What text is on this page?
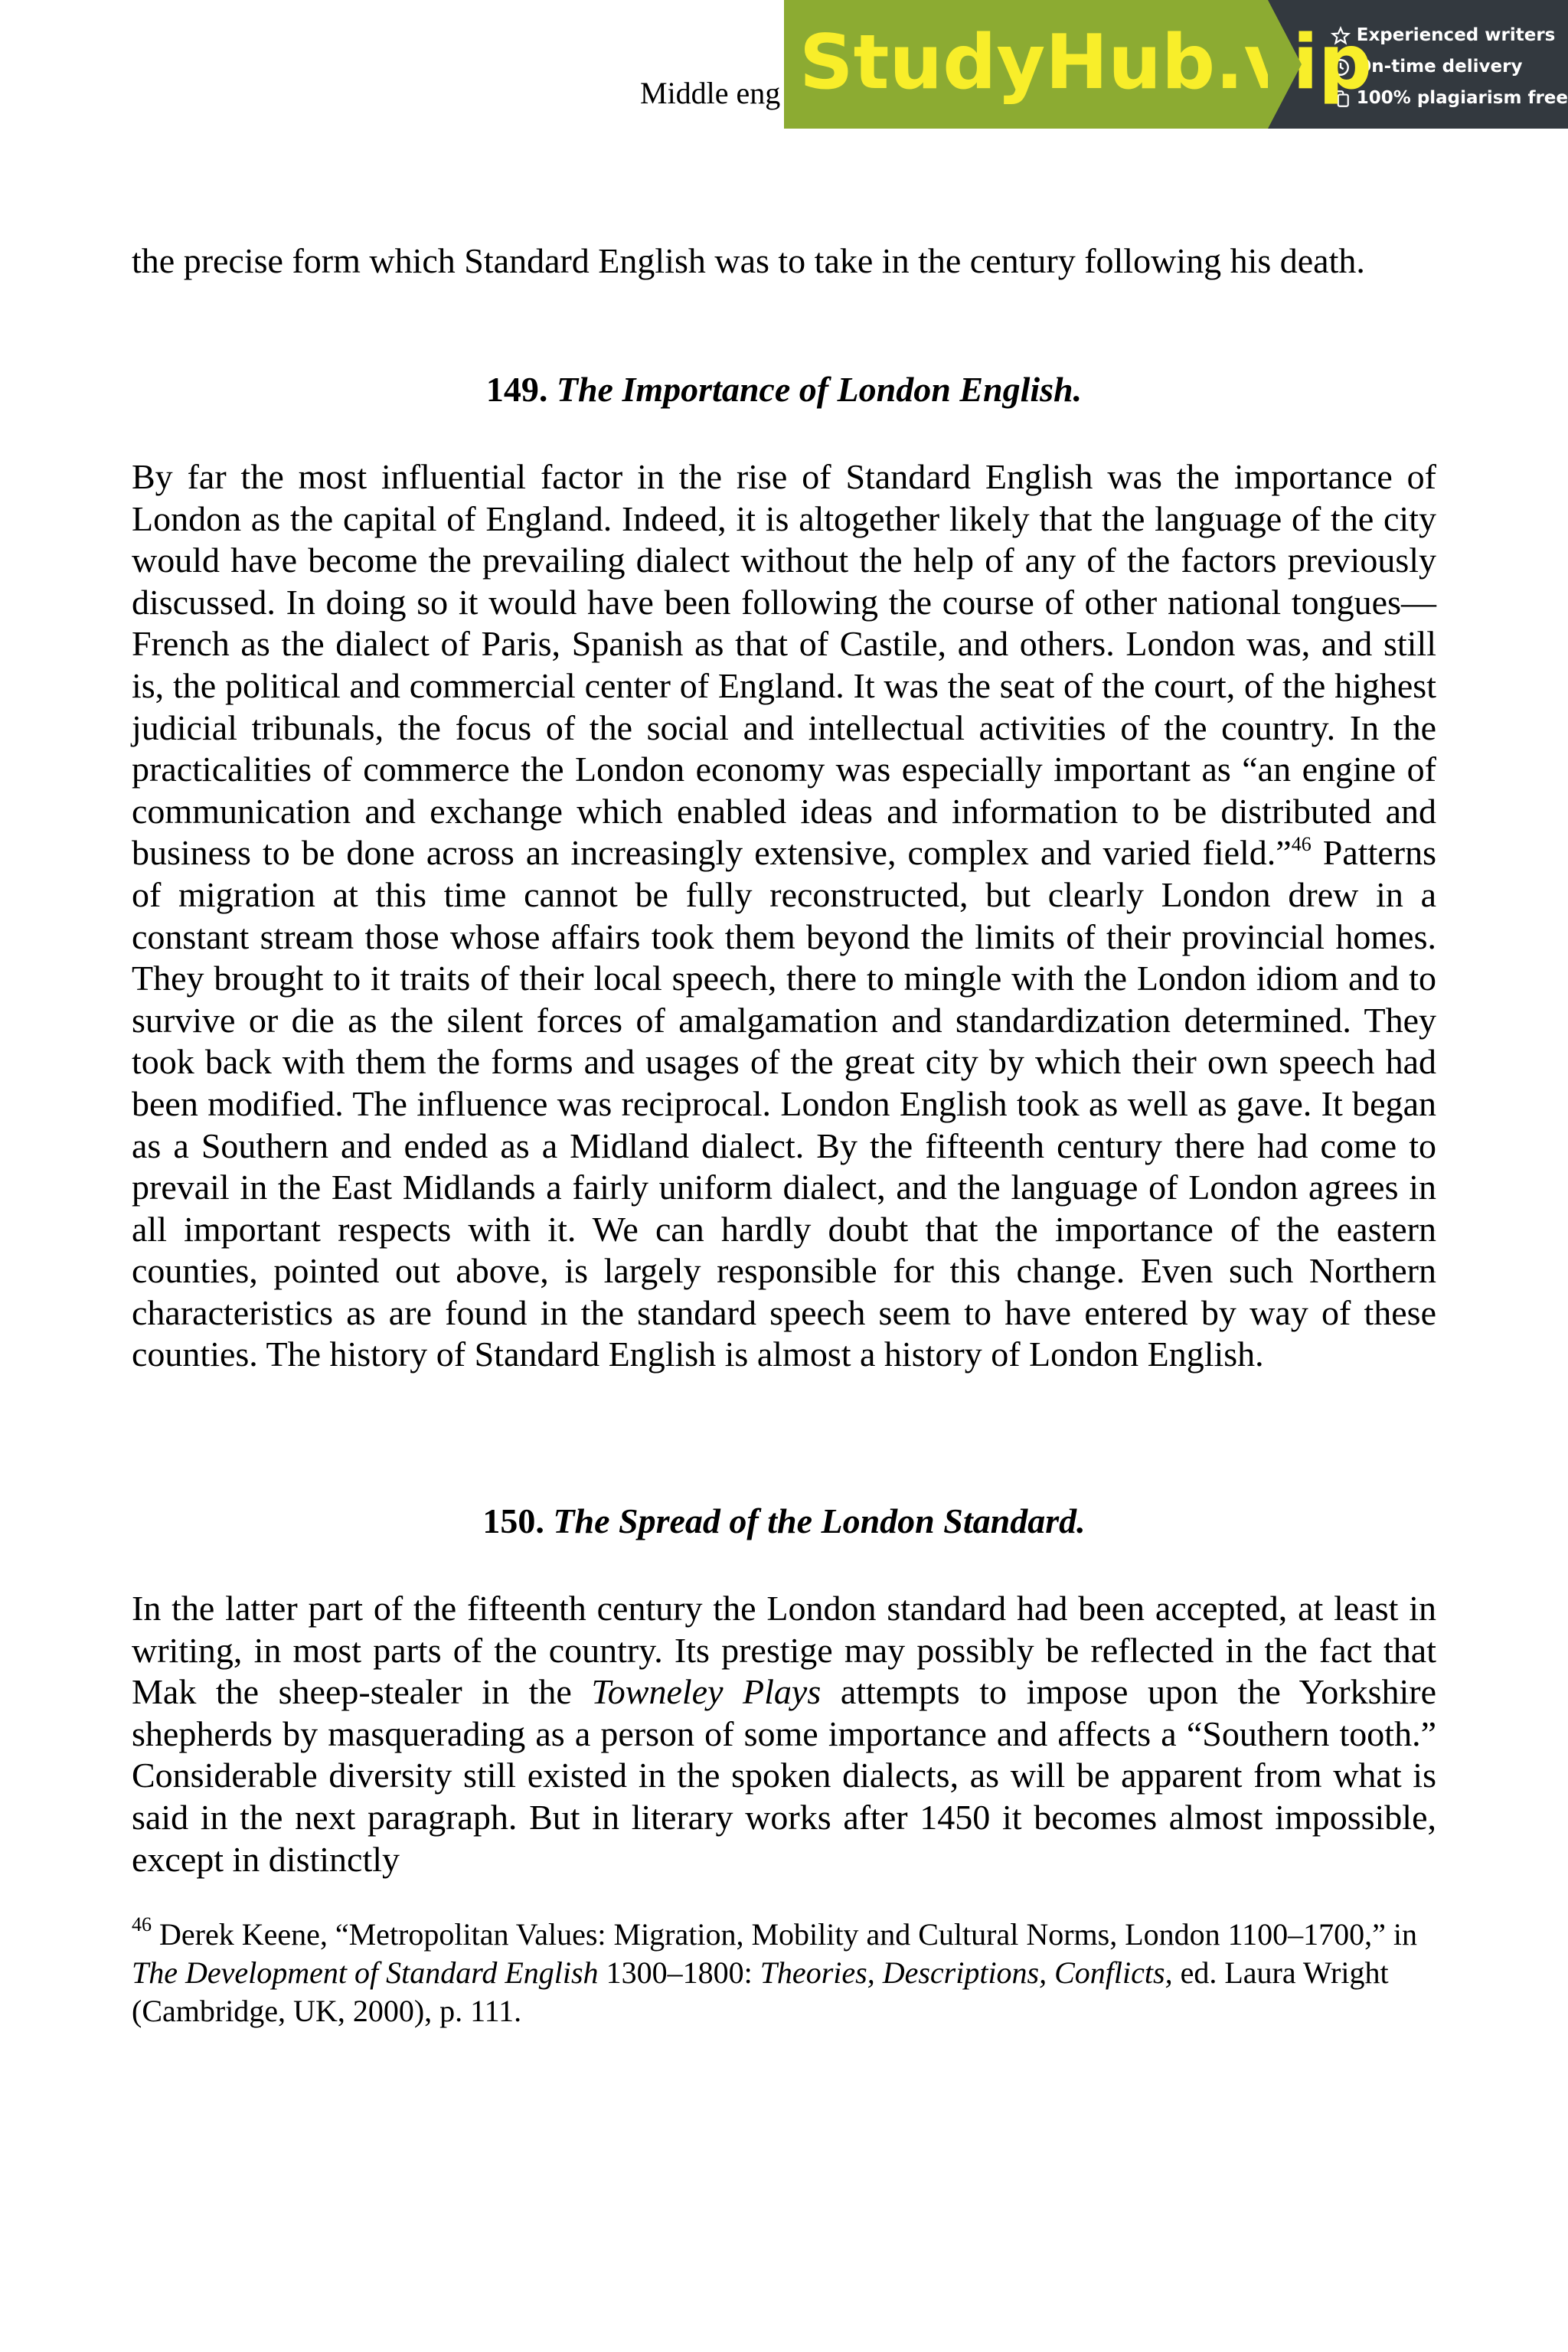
Middle eng StudyHub.vip
Experienced writers
On-time delivery
100% plagiarism free
the precise form which Standard English was to take in the century following his death.
149. The Importance of London English.
By far the most influential factor in the rise of Standard English was the importance of London as the capital of England. Indeed, it is altogether likely that the language of the city would have become the prevailing dialect without the help of any of the factors previously discussed. In doing so it would have been following the course of other national tongues—French as the dialect of Paris, Spanish as that of Castile, and others. London was, and still is, the political and commercial center of England. It was the seat of the court, of the highest judicial tribunals, the focus of the social and intellectual activities of the country. In the practicalities of commerce the London economy was especially important as “an engine of communication and exchange which enabled ideas and information to be distributed and business to be done across an increasingly extensive, complex and varied field.”$^{46}$ Patterns of migration at this time cannot be fully reconstructed, but clearly London drew in a constant stream those whose affairs took them beyond the limits of their provincial homes. They brought to it traits of their local speech, there to mingle with the London idiom and to survive or die as the silent forces of amalgamation and standardization determined. They took back with them the forms and usages of the great city by which their own speech had been modified. The influence was reciprocal. London English took as well as gave. It began as a Southern and ended as a Midland dialect. By the fifteenth century there had come to prevail in the East Midlands a fairly uniform dialect, and the language of London agrees in all important respects with it. We can hardly doubt that the importance of the eastern counties, pointed out above, is largely responsible for this change. Even such Northern characteristics as are found in the standard speech seem to have entered by way of these counties. The history of Standard English is almost a history of London English.
150. The Spread of the London Standard.
In the latter part of the fifteenth century the London standard had been accepted, at least in writing, in most parts of the country. Its prestige may possibly be reflected in the fact that Mak the sheep-stealer in the Towneley Plays attempts to impose upon the Yorkshire shepherds by masquerading as a person of some importance and affects a “Southern tooth.” Considerable diversity still existed in the spoken dialects, as will be apparent from what is said in the next paragraph. But in literary works after 1450 it becomes almost impossible, except in distinctly
$^{46}$ Derek Keene, “Metropolitan Values: Migration, Mobility and Cultural Norms, London 1100–1700,” in The Development of Standard English 1300–1800: Theories, Descriptions, Conflicts, ed. Laura Wright (Cambridge, UK, 2000), p. 111.
